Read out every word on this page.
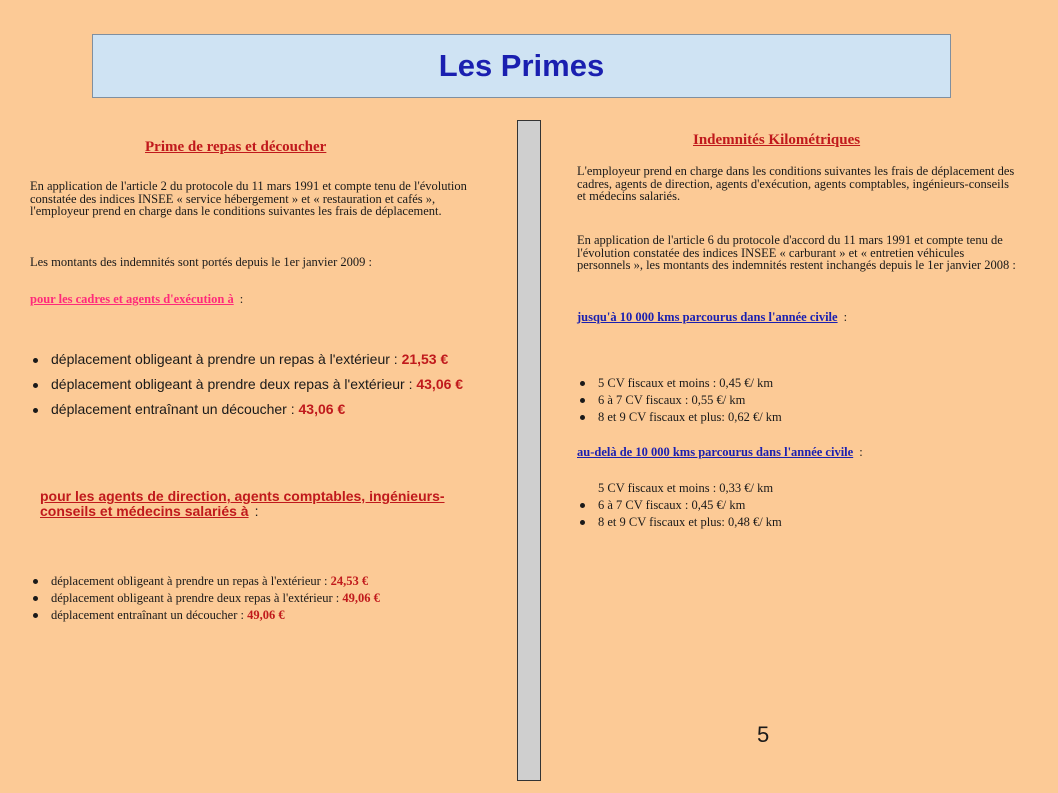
Les Primes
Prime de repas et découcher

En application de l'article 2 du protocole du 11 mars 1991 et compte tenu de l'évolution constatée des indices INSEE « service hébergement » et « restauration et cafés », l'employeur prend en charge dans le conditions suivantes les frais de déplacement.

Les montants des indemnités sont portés depuis le 1er janvier 2009 :

pour les cadres et agents d'exécution à :
déplacement obligeant à prendre un repas à l'extérieur : 21,53 €
déplacement obligeant à prendre deux repas à l'extérieur : 43,06 €
déplacement entraînant un découcher : 43,06 €
pour les agents de direction, agents comptables, ingénieurs-conseils et médecins salariés à :
déplacement obligeant à prendre un repas à l'extérieur : 24,53 €
déplacement obligeant à prendre deux repas à l'extérieur : 49,06 €
déplacement entraînant un découcher : 49,06 €
Indemnités Kilométriques

L'employeur prend en charge dans les conditions suivantes les frais de déplacement des cadres, agents de direction, agents d'exécution, agents comptables, ingénieurs-conseils et médecins salariés.

En application de l'article 6 du protocole d'accord du 11 mars 1991 et compte tenu de l'évolution constatée des indices INSEE « carburant » et « entretien véhicules personnels », les montants des indemnités restent inchangés depuis le 1er janvier 2008 :

jusqu'à 10 000 kms parcourus dans l'année civile :
5 CV fiscaux et moins : 0,45 €/ km
6 à 7 CV fiscaux : 0,55 €/ km
8 et 9 CV fiscaux et plus: 0,62 €/ km
au-delà de 10 000 kms parcourus dans l'année civile :
5 CV fiscaux et moins : 0,33 €/ km
6 à 7 CV fiscaux : 0,45 €/ km
8 et 9 CV fiscaux et plus: 0,48 €/ km
5
